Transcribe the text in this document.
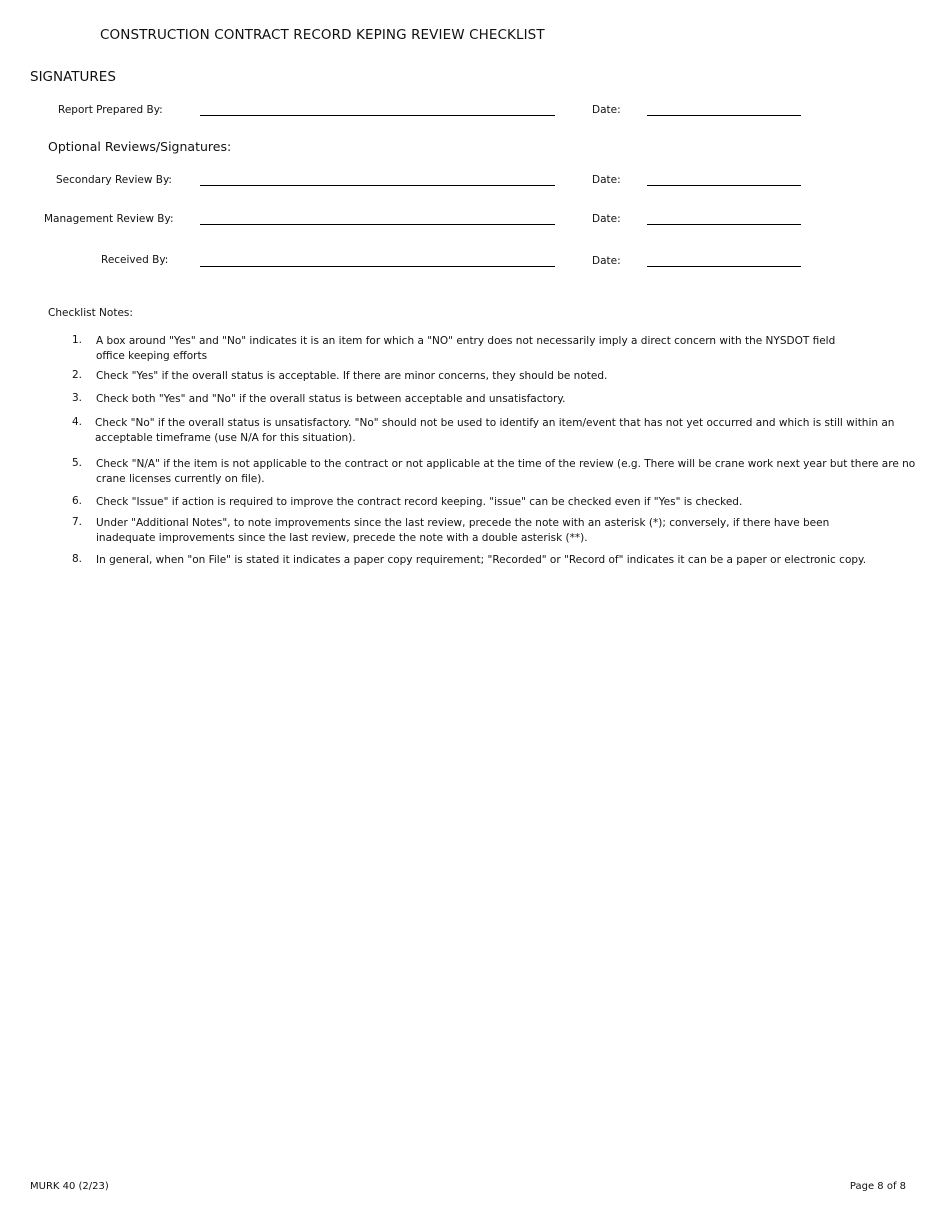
CONSTRUCTION CONTRACT RECORD KEPING REVIEW CHECKLIST
SIGNATURES
Report Prepared By:	Date:
Optional Reviews/Signatures:
Secondary Review By:	Date:
Management Review By:	Date:
Received By:	Date:
Checklist Notes:
1. A box around "Yes" and "No" indicates it is an item for which a "NO" entry does not necessarily imply a direct concern with the NYSDOT field office keeping efforts
2. Check "Yes" if the overall status is acceptable. If there are minor concerns, they should be noted.
3. Check both "Yes" and "No" if the overall status is between acceptable and unsatisfactory.
4. Check "No" if the overall status is unsatisfactory. "No" should not be used to identify an item/event that has not yet occurred and which is still within an acceptable timeframe (use N/A for this situation).
5. Check "N/A" if the item is not applicable to the contract or not applicable at the time of the review (e.g. There will be crane work next year but there are no crane licenses currently on file).
6. Check "Issue" if action is required to improve the contract record keeping. "issue" can be checked even if "Yes" is checked.
7. Under "Additional Notes", to note improvements since the last review, precede the note with an asterisk (*); conversely, if there have been inadequate improvements since the last review, precede the note with a double asterisk (**).
8. In general, when "on File" is stated it indicates a paper copy requirement; "Recorded" or "Record of" indicates it can be a paper or electronic copy.
MURK 40 (2/23)	Page 8 of 8
